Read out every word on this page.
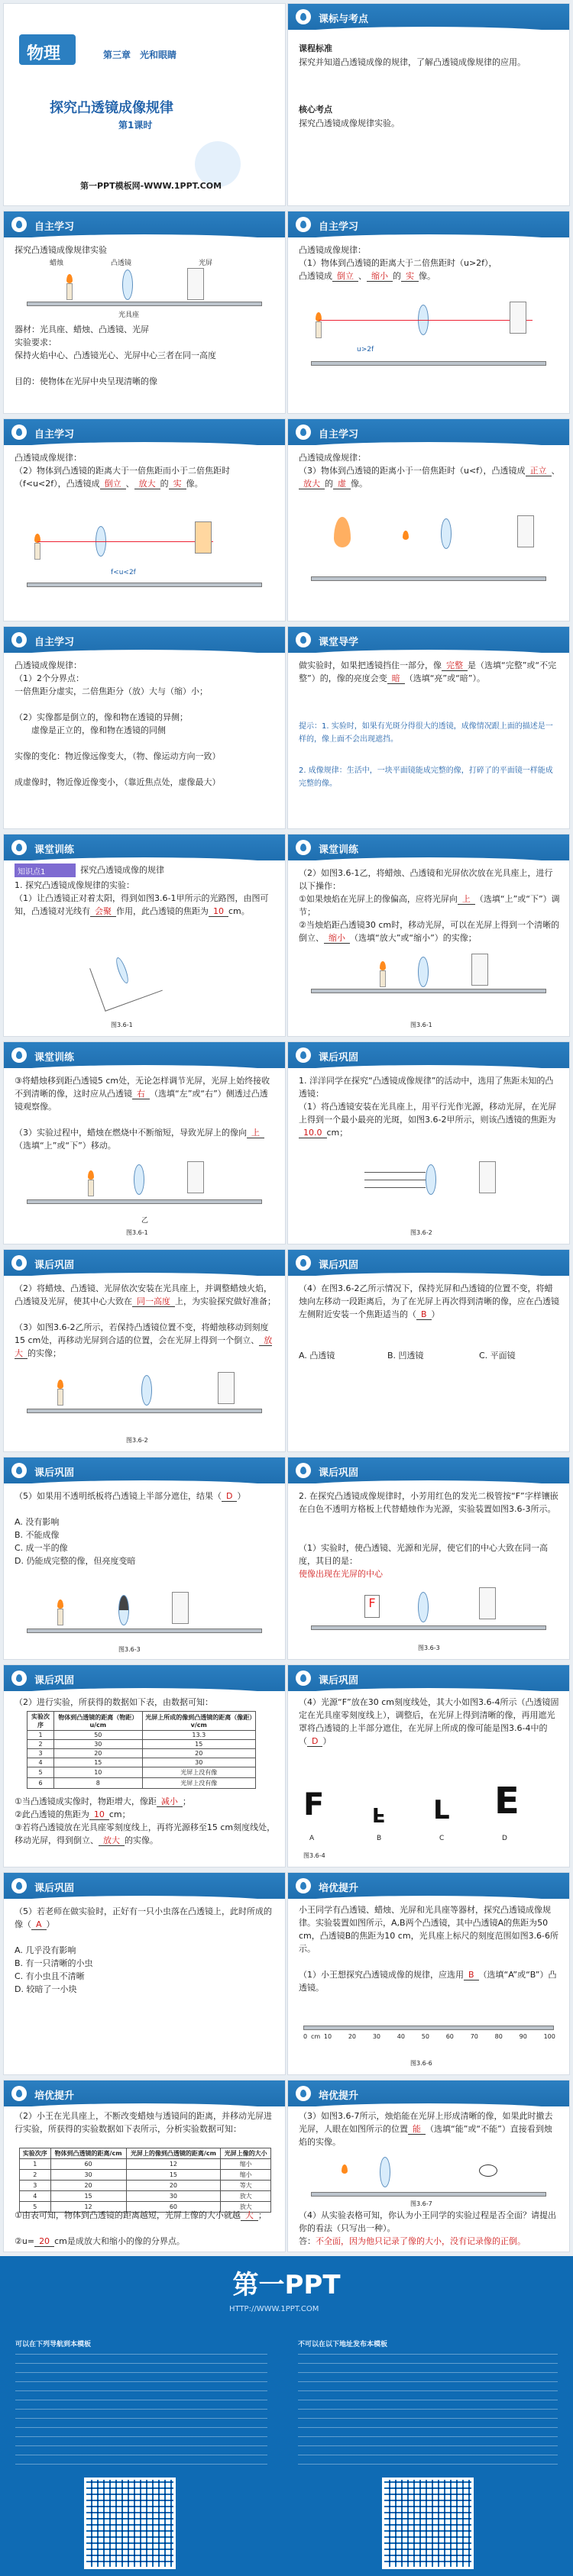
物理	第三章　光和眼睛
探究凸透镜成像规律
第1课时
第一PPT模板网-WWW.1PPT.COM
课标与考点
课程标准
探究并知道凸透镜成像的规律，了解凸透镜成像规律的应用。
核心考点
探究凸透镜成像规律实验。
自主学习
探究凸透镜成像规律实验
蜡烛	凸透镜	光屏
光具座
器材：光具座、蜡烛、凸透镜、光屏
实验要求：
保持火焰中心、凸透镜光心、光屏中心三者在同一高度
目的：使物体在光屏中央呈现清晰的像
自主学习
凸透镜成像规律：
（1）物体到凸透镜的距离大于二倍焦距时（u>2f），
凸透镜成 倒立 、 缩小 的 实 像。
u>2f
自主学习
凸透镜成像规律：
（2）物体到凸透镜的距离大于一倍焦距而小于二倍焦距时（f<u<2f），凸透镜成 倒立 、 放大 的 实 像。
f<u<2f
自主学习
凸透镜成像规律：
（3）物体到凸透镜的距离小于一倍焦距时（u<f），凸透镜成 正立 、放大 的 虚 像。
自主学习
凸透镜成像规律：
（1）2个分界点：
一倍焦距分虚实，二倍焦距分（放）大与（缩）小；
（2）实像都是倒立的，像和物在透镜的异侧；
　　虚像是正立的，像和物在透镜的同侧
实像的变化：物近像远像变大，（物、像运动方向一致）
成虚像时，物近像近像变小，（靠近焦点处，虚像最大）
课堂导学
做实验时，如果把透镜挡住一部分，像 完整 是（选填“完整”或“不完整”）的，像的亮度会变 暗 （选填“亮”或“暗”）。
提示：1. 实验时，如果有光斑分得很大的透镜，成像情况跟上面的描述是一样的，像上面不会出现遮挡。
2. 成像规律：生活中，一块平面镜能成完整的像，打碎了的平面镜一样能成完整的像。
课堂训练
知识点1	探究凸透镜成像的规律
1. 探究凸透镜成像规律的实验：
（1）让凸透镜正对着太阳，得到如图3.6-1甲所示的光路图，由图可知，凸透镜对光线有 会聚 作用，此凸透镜的焦距为 10 cm。
图3.6-1
课堂训练
（2）如图3.6-1乙，将蜡烛、凸透镜和光屏依次放在光具座上，进行以下操作：
①如果烛焰在光屏上的像偏高，应将光屏向 上 （选填“上”或“下”）调节；
②当烛焰距凸透镜30 cm时，移动光屏，可以在光屏上得到一个清晰的倒立、 缩小 （选填“放大”或“缩小”）的实像；
图3.6-1
课堂训练
③将蜡烛移到距凸透镜5 cm处，无论怎样调节光屏，光屏上始终接收不到清晰的像，这时应从凸透镜 右 （选填“左”或“右”）侧透过凸透镜观察像。
（3）实验过程中，蜡烛在燃烧中不断缩短，导致光屏上的像向 上（选填“上”或“下”）移动。
乙
图3.6-1
课后巩固
1. 洋洋同学在探究“凸透镜成像规律”的活动中，选用了焦距未知的凸透镜：
（1）将凸透镜安装在光具座上，用平行光作光源，移动光屏，在光屏上得到一个最小最亮的光斑，如图3.6-2甲所示，则该凸透镜的焦距为10.0 cm；
图3.6-2
课后巩固
（2）将蜡烛、凸透镜、光屏依次安装在光具座上，并调整蜡烛火焰，凸透镜及光屏，使其中心大致在 同一高度 上，为实验探究做好准备；
（3）如图3.6-2乙所示，若保持凸透镜位置不变，将蜡烛移动到刻度15 cm处，再移动光屏到合适的位置，会在光屏上得到一个倒立、 放大 的实像；
图3.6-2
课后巩固
（4）在图3.6-2乙所示情况下，保持光屏和凸透镜的位置不变，将蜡烛向左移动一段距离后，为了在光屏上再次得到清晰的像，应在凸透镜左侧附近安装一个焦距适当的（ B ）
A. 凸透镜	B. 凹透镜	C. 平面镜
课后巩固
（5）如果用不透明纸板将凸透镜上半部分遮住，结果（ D ）
A. 没有影响
B. 不能成像
C. 成一半的像
D. 仍能成完整的像，但亮度变暗
图3.6-3
课后巩固
2. 在探究凸透镜成像规律时，小芳用红色的发光二极管按“F”字样镶嵌在白色不透明方格板上代替蜡烛作为光源，实验装置如图3.6-3所示。
（1）实验时，使凸透镜、光源和光屏，使它们的中心大致在同一高度，其目的是：
使像出现在光屏的中心
F
图3.6-3
课后巩固
（2）进行实验，所获得的数据如下表，由数据可知：
实验次序	物体到凸透镜的距离（物距）u/cm	光屏上所成的像到凸透镜的距离（像距）v/cm
1	50	13.3
2	30	15
3	20	20
4	15	30
5	10	光屏上没有像
6	8	光屏上没有像
①当凸透镜成实像时，物距增大，像距 减小 ；
②此凸透镜的焦距为 10 cm；
③若将凸透镜放在光具座零刻度线上，再将光源移至15 cm刻度线处，移动光屏，得到倒立、 放大 的实像。
课后巩固
（4）光源“F”放在30 cm刻度线处，其大小如图3.6-4所示（凸透镜固定在光具座零刻度线上），调整后，在光屏上得到清晰的像，再用遮光罩将凸透镜的上半部分遮住，在光屏上所成的像可能是图3.6-4中的（ D ）
F F L E
A	B	C	D
图3.6-4
课后巩固
（5）若老师在做实验时，正好有一只小虫落在凸透镜上，此时所成的像（ A ）
A. 几乎没有影响
B. 有一只清晰的小虫
C. 有小虫且不清晰
D. 较暗了一小块
培优提升
小王同学有凸透镜、蜡烛、光屏和光具座等器材，探究凸透镜成像规律。实验装置如图所示，A,B两个凸透镜，其中凸透镜A的焦距为50 cm，凸透镜B的焦距为10 cm，光具座上标尺的刻度范围如图3.6-6所示。
（1）小王想探究凸透镜成像的规律，应选用 B （选填“A”或“B”）凸透镜。
0	10	20	30	40	50	60	70	80	90	100
cm
图3.6-6
培优提升
（2）小王在光具座上，不断改变蜡烛与透镜间的距离，并移动光屏进行实验，所获得的实验数据如下表所示，分析实验数据可知：
实验次序	物体到凸透镜的距离/cm	光屏上的像到凸透镜的距离/cm	光屏上像的大小
1	60	12	缩小
2	30	15	缩小
3	20	20	等大
4	15	30	放大
5	12	60	放大
①由表可知，物体到凸透镜的距离越短，光屏上像的大小就越 大 ；
②u= 20 cm是成放大和缩小的像的分界点。
培优提升
（3）如图3.6-7所示，烛焰能在光屏上形成清晰的像，如果此时撤去光屏，人眼在如图所示的位置 能 （选填“能”或“不能”）直接看到烛焰的实像。
图3.6-7
（4）从实验表格可知，你认为小王同学的实验过程是否全面？请提出你的看法（只写出一种）。
答：不全面，因为他只记录了像的大小，没有记录像的正倒。
第一PPT
HTTP://WWW.1PPT.COM
可以在下列导航到本模板	不可以在以下地址发布本模板
